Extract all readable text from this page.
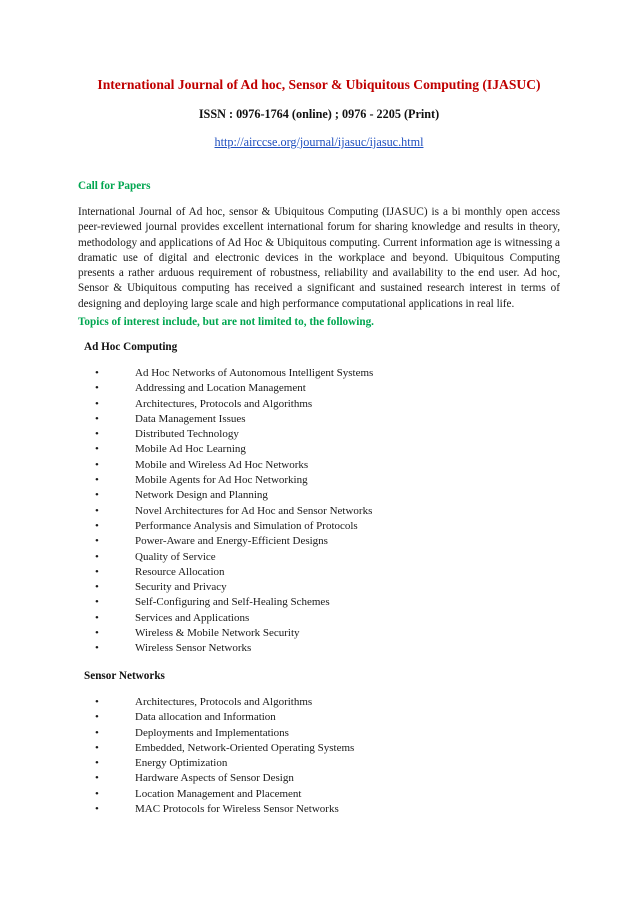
International Journal of Ad hoc, Sensor & Ubiquitous Computing (IJASUC)
ISSN : 0976-1764 (online) ; 0976 - 2205 (Print)
http://airccse.org/journal/ijasuc/ijasuc.html
Call for Papers

International Journal of Ad hoc, sensor & Ubiquitous Computing (IJASUC) is a bi monthly open access peer-reviewed journal provides excellent international forum for sharing knowledge and results in theory, methodology and applications of Ad Hoc & Ubiquitous computing. Current information age is witnessing a dramatic use of digital and electronic devices in the workplace and beyond. Ubiquitous Computing presents a rather arduous requirement of robustness, reliability and availability to the end user. Ad hoc, Sensor & Ubiquitous computing has received a significant and sustained research interest in terms of designing and deploying large scale and high performance computational applications in real life.

Topics of interest include, but are not limited to, the following.
Ad Hoc Computing
•	Ad Hoc Networks of Autonomous Intelligent Systems
•	Addressing and Location Management
•	Architectures, Protocols and Algorithms
•	Data Management Issues
•	Distributed Technology
•	Mobile Ad Hoc Learning
•	Mobile and Wireless Ad Hoc Networks
•	Mobile Agents for Ad Hoc Networking
•	Network Design and Planning
•	Novel Architectures for Ad Hoc and Sensor Networks
•	Performance Analysis and Simulation of Protocols
•	Power-Aware and Energy-Efficient Designs
•	Quality of Service
•	Resource Allocation
•	Security and Privacy
•	Self-Configuring and Self-Healing Schemes
•	Services and Applications
•	Wireless & Mobile Network Security
•	Wireless Sensor Networks
Sensor Networks
•	Architectures, Protocols and Algorithms
•	Data allocation and Information
•	Deployments and Implementations
•	Embedded, Network-Oriented Operating Systems
•	Energy Optimization
•	Hardware Aspects of Sensor Design
•	Location Management and Placement
•	MAC Protocols for Wireless Sensor Networks
